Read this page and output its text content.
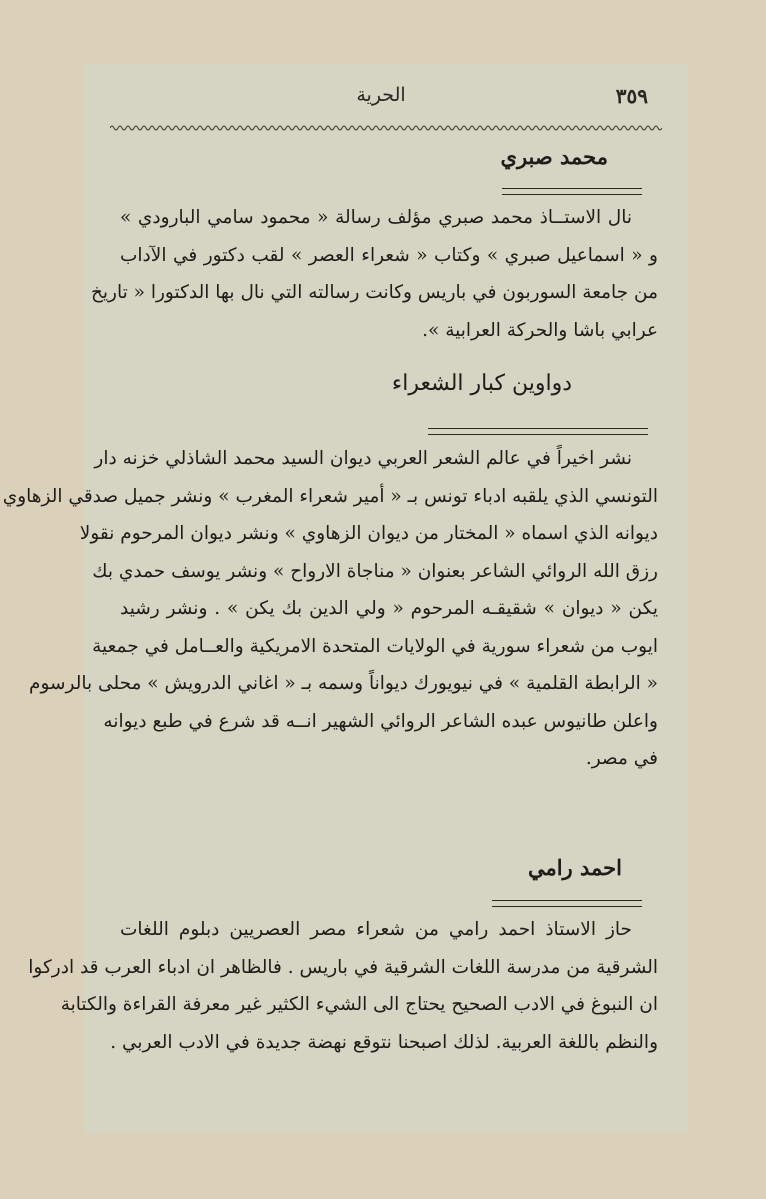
٣٥٩
الحرية
محمد صبري
نال الاستــاذ محمد صبري مؤلف رسالة « محمود سامي البارودي »
و « اسماعيل صبري » وكتاب « شعراء العصر » لقب دكتور في الآداب
من جامعة السوربون في باريس وكانت رسالته التي نال بها الدكتورا « تاريخ
عرابي باشا والحركة العرابية ».
دواوين كبار الشعراء
نشر اخيراً في عالم الشعر العربي ديوان السيد محمد الشاذلي خزنه دار
التونسي الذي يلقبه ادباء تونس بـ « أمير شعراء المغرب » ونشر جميل صدقي الزهاوي
ديوانه الذي اسماه « المختار من ديوان الزهاوي » ونشر ديوان المرحوم نقولا
رزق الله الروائي الشاعر بعنوان « مناجاة الارواح » ونشر يوسف حمدي بك
يكن « ديوان » شقيقـه المرحوم « ولي الدين بك يكن » . ونشر رشيد
ايوب من شعراء سورية في الولايات المتحدة الامريكية والعــامل في جمعية
« الرابطة القلمية » في نيويورك ديواناً وسمه بـ « اغاني الدرويش » محلى بالرسوم
واعلن طانيوس عبده الشاعر الروائي الشهير انــه قد شرع في طبع ديوانه
في مصر.
احمد رامي
حاز الاستاذ احمد رامي من شعراء مصر العصريين دبلوم اللغات
الشرقية من مدرسة اللغات الشرقية في باريس . فالظاهر ان ادباء العرب قد ادركوا
ان النبوغ في الادب الصحيح يحتاج الى الشيء الكثير غير معرفة القراءة والكتابة
والنظم باللغة العربية. لذلك اصبحنا نتوقع نهضة جديدة في الادب العربي .
